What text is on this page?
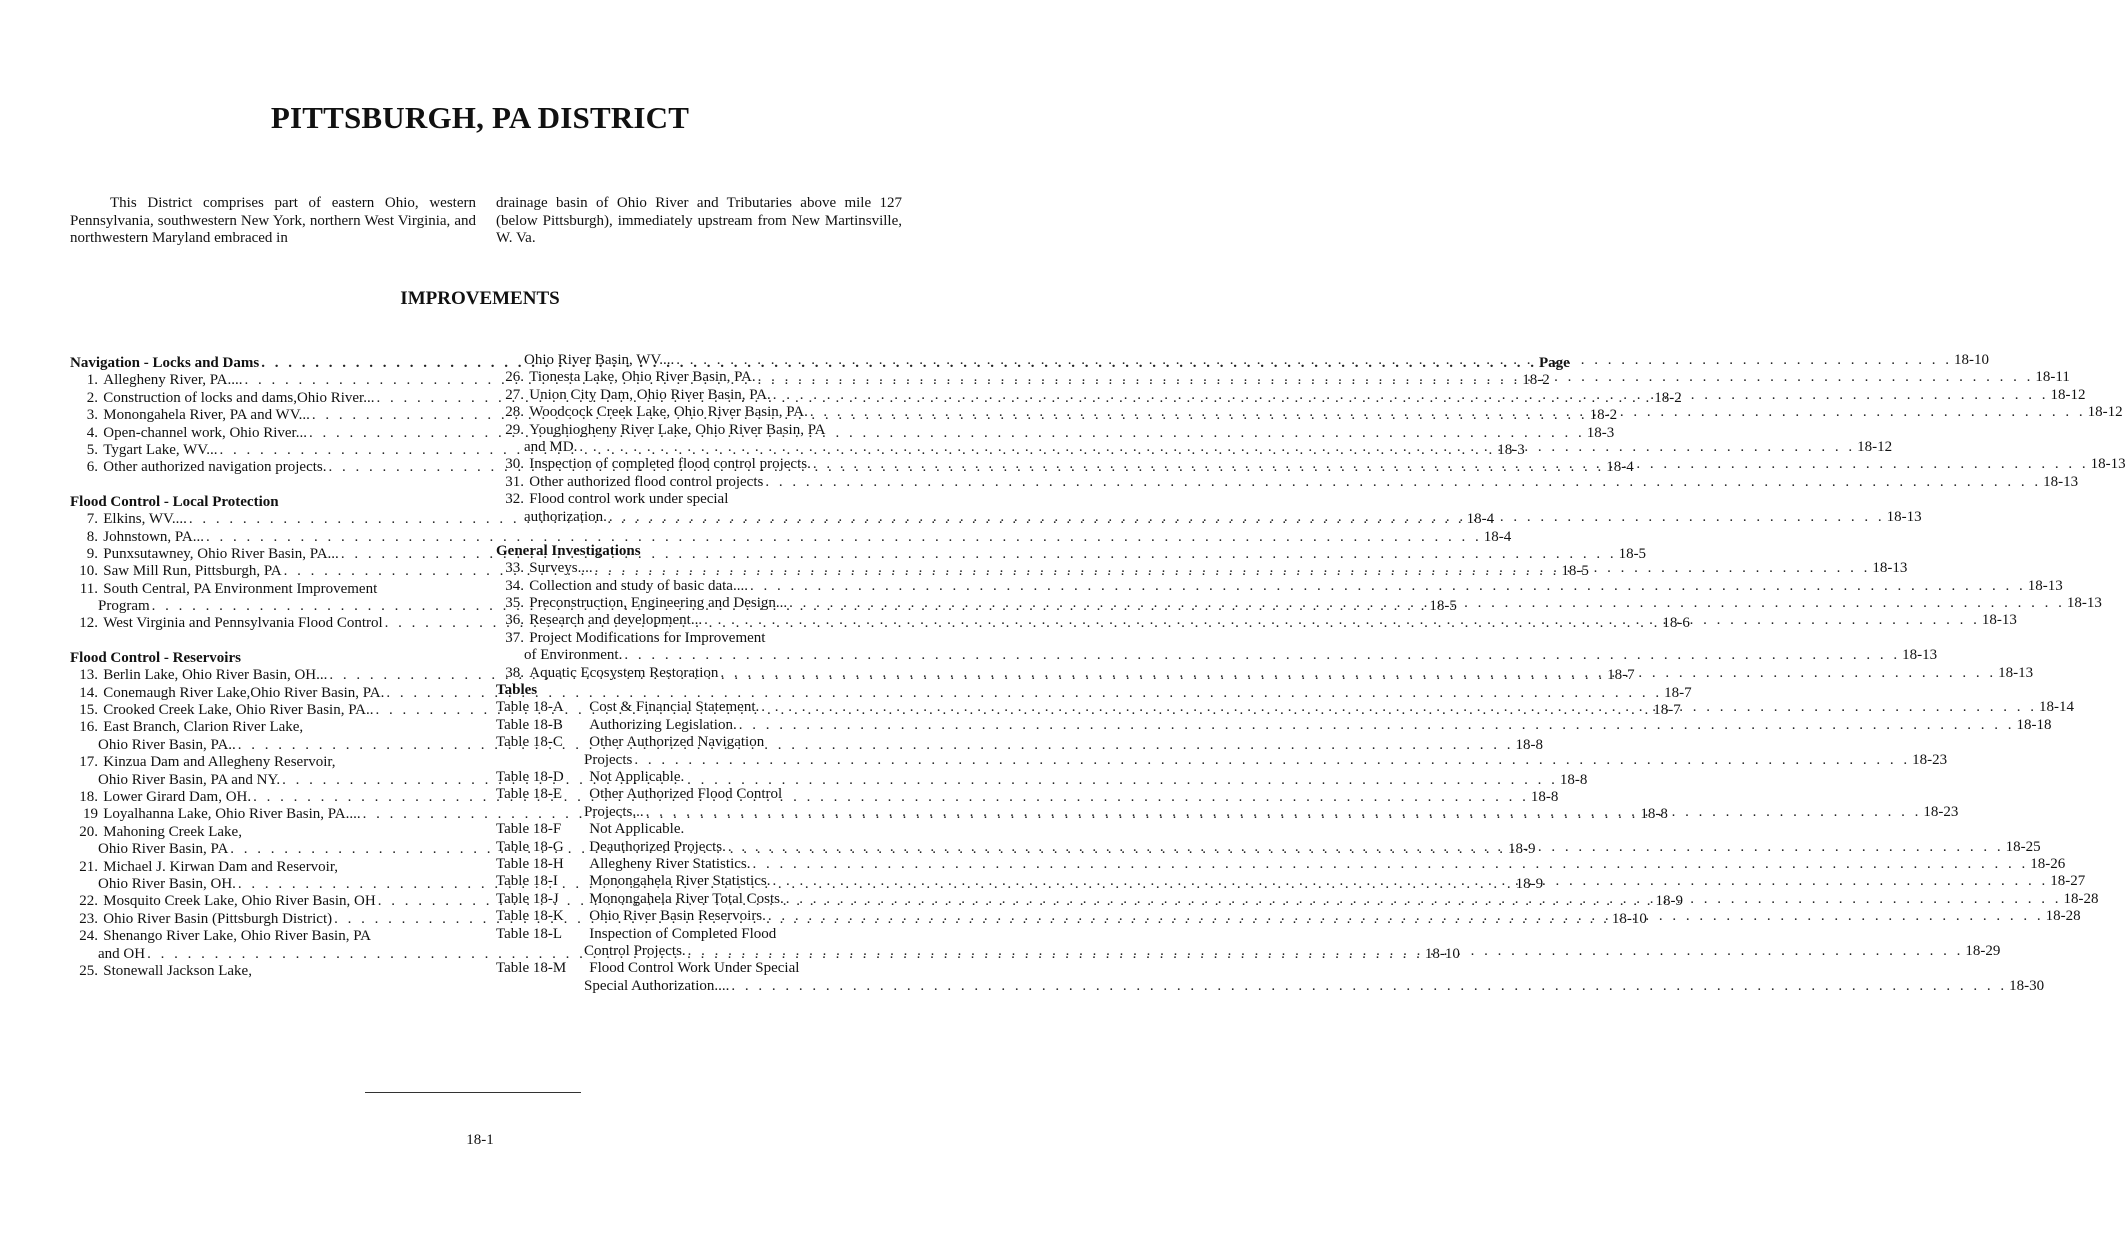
PITTSBURGH, PA DISTRICT
This District comprises part of eastern Ohio, western Pennsylvania, southwestern New York, northern West Virginia, and northwestern Maryland embraced in
drainage basin of Ohio River and Tributaries above mile 127 (below Pittsburgh), immediately upstream from New Martinsville, W. Va.
IMPROVEMENTS
Navigation - Locks and Dams . . .	Page
1. Allegheny River, PA.... . . .	18-2
2. Construction of locks and dams,Ohio River... . . .	18-2
3. Monongahela River, PA and WV... . . .	18-2
4. Open-channel work, Ohio River... . . .	18-3
5. Tygart Lake, WV... . . .	18-3
6. Other authorized navigation projects. . . .	18-4
Flood Control - Local Protection
7. Elkins, WV.... . . .	18-4
8. Johnstown, PA... . . .	18-4
9. Punxsutawney, Ohio River Basin, PA... . . .	18-5
10. Saw Mill Run, Pittsburgh, PA . . .	18-5
11. South Central, PA Environment Improvement
Program . . .	18-5
12. West Virginia and Pennsylvania Flood Control . . .	18-6
Flood Control - Reservoirs
13. Berlin Lake, Ohio River Basin, OH... . . .	18-7
14. Conemaugh River Lake,Ohio River Basin, PA. . . .	18-7
15. Crooked Creek Lake, Ohio River Basin, PA.. . . .	18-7
16. East Branch, Clarion River Lake,
Ohio River Basin, PA.. . . .	18-8
17. Kinzua Dam and Allegheny Reservoir,
Ohio River Basin, PA and NY. . . .	18-8
18. Lower Girard Dam, OH. . . .	18-8
19 Loyalhanna Lake, Ohio River Basin, PA.... . . .	18-8
20. Mahoning Creek Lake,
Ohio River Basin, PA . . .	18-9
21. Michael J. Kirwan Dam and Reservoir,
Ohio River Basin, OH. . . .	18-9
22. Mosquito Creek Lake, Ohio River Basin, OH . . .	18-9
23. Ohio River Basin (Pittsburgh District) . . .	18-10
24. Shenango River Lake, Ohio River Basin, PA
and OH . . .	18-10
25. Stonewall Jackson Lake,
Ohio River Basin, WV.... . . .	18-10
26. Tionesta Lake, Ohio River Basin, PA. . . .	18-11
27. Union City Dam, Ohio River Basin, PA. . . .	18-12
28. Woodcock Creek Lake, Ohio River Basin, PA. . . .	18-12
29. Youghiogheny River Lake, Ohio River Basin, PA
and MD. . . .	18-12
30. Inspection of completed flood control projects. . . .	18-13
31. Other authorized flood control projects . . .	18-13
32. Flood control work under special
authorization. . . .	18-13
General Investigations
33. Surveys.... . . .	18-13
34. Collection and study of basic data.... . . .	18-13
35. Preconstruction, Engineering and Design... . . .	18-13
36. Research and development... . . .	18-13
37. Project Modifications for Improvement
of Environment. . . .	18-13
38. Aquatic Ecosystem Restoration . . .	18-13
Tables
Table 18-A	Cost & Financial Statement. . . .	18-14
Table 18-B	Authorizing Legislation. . . .	18-18
Table 18-C	Other Authorized Navigation
Projects . . .	18-23
Table 18-D	Not Applicable.
Table 18-E	Other Authorized Flood Control
Projects... . . .	18-23
Table 18-F	Not Applicable.
Table 18-G	Deauthorized Projects. . . .	18-25
Table 18-H	Allegheny River Statistics. . . .	18-26
Table 18-I	Monongahela River Statistics. . . .	18-27
Table 18-J	Monongahela River Total Costs. . . .	18-28
Table 18-K	Ohio River Basin Reservoirs. . . .	18-28
Table 18-L	Inspection of Completed Flood
Control Projects. . . .	18-29
Table 18-M	Flood Control Work Under Special
Special Authorization.... . . .	18-30
18-1
